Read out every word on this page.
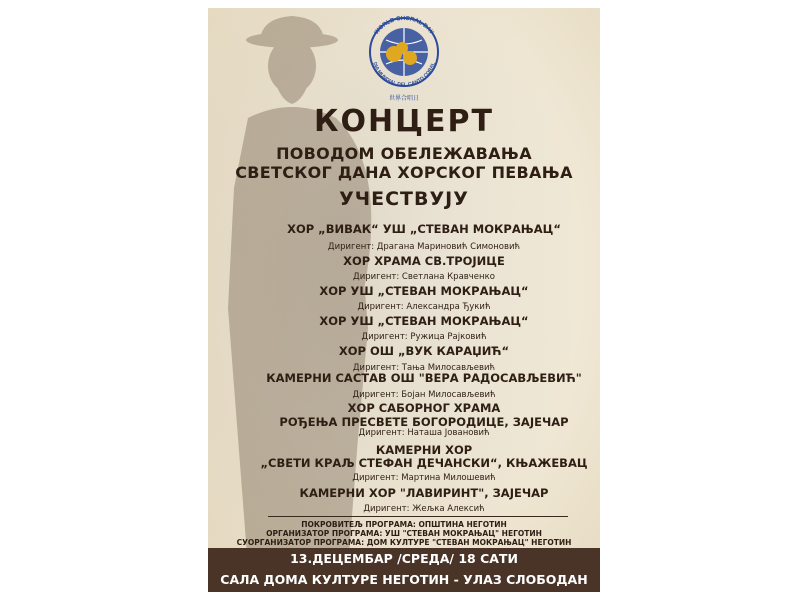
WORLD CHORAL DAY
DIA MUNDIAL DEL CANTO CORAL
世界合唱日
КОНЦЕРТ
ПОВОДОМ ОБЕЛЕЖАВАЊА
СВЕТСКОГ ДАНА ХОРСКОГ ПЕВАЊА
УЧЕСТВУЈУ
ХОР „ВИВАК“ УШ „СТЕВАН МОКРАЊАЦ“
Диригент: Драгана Мариновић Симоновић
ХОР ХРАМА СВ.ТРОЈИЦЕ
Диригент: Светлана Кравченко
ХОР УШ „СТЕВАН МОКРАЊАЦ“
Диригент: Александра Ђукић
ХОР УШ „СТЕВАН МОКРАЊАЦ“
Диригент: Ружица Рајковић
ХОР ОШ „ВУК КАРАЏИЋ“
Диригент: Тања Милосављевић
КАМЕРНИ САСТАВ ОШ "ВЕРА РАДОСАВЉЕВИЋ"
Диригент: Бојан Милосављевић
ХОР САБОРНОГ ХРАМА
РОЂЕЊА ПРЕСВЕТЕ БОГОРОДИЦЕ, ЗАЈЕЧАР
Диригент: Наташа Јовановић
КАМЕРНИ ХОР
„СВЕТИ КРАЉ СТЕФАН ДЕЧАНСКИ“, КЊАЖЕВАЦ
Диригент: Мартина Милошевић
КАМЕРНИ ХОР "ЛАВИРИНТ", ЗАЈЕЧАР
Диригент: Жељка Алексић
ПОКРОВИТЕЉ ПРОГРАМА: ОПШТИНА НЕГОТИН
ОРГАНИЗАТОР ПРОГРАМА: УШ "СТЕВАН МОКРАЊАЦ" НЕГОТИН
СУОРГАНИЗАТОР ПРОГРАМА: ДОМ КУЛТУРЕ "СТЕВАН МОКРАЊАЦ" НЕГОТИН
13.ДЕЦЕМБАР /СРЕДА/ 18 САТИ
САЛА ДОМА КУЛТУРЕ НЕГОТИН - УЛАЗ СЛОБОДАН
